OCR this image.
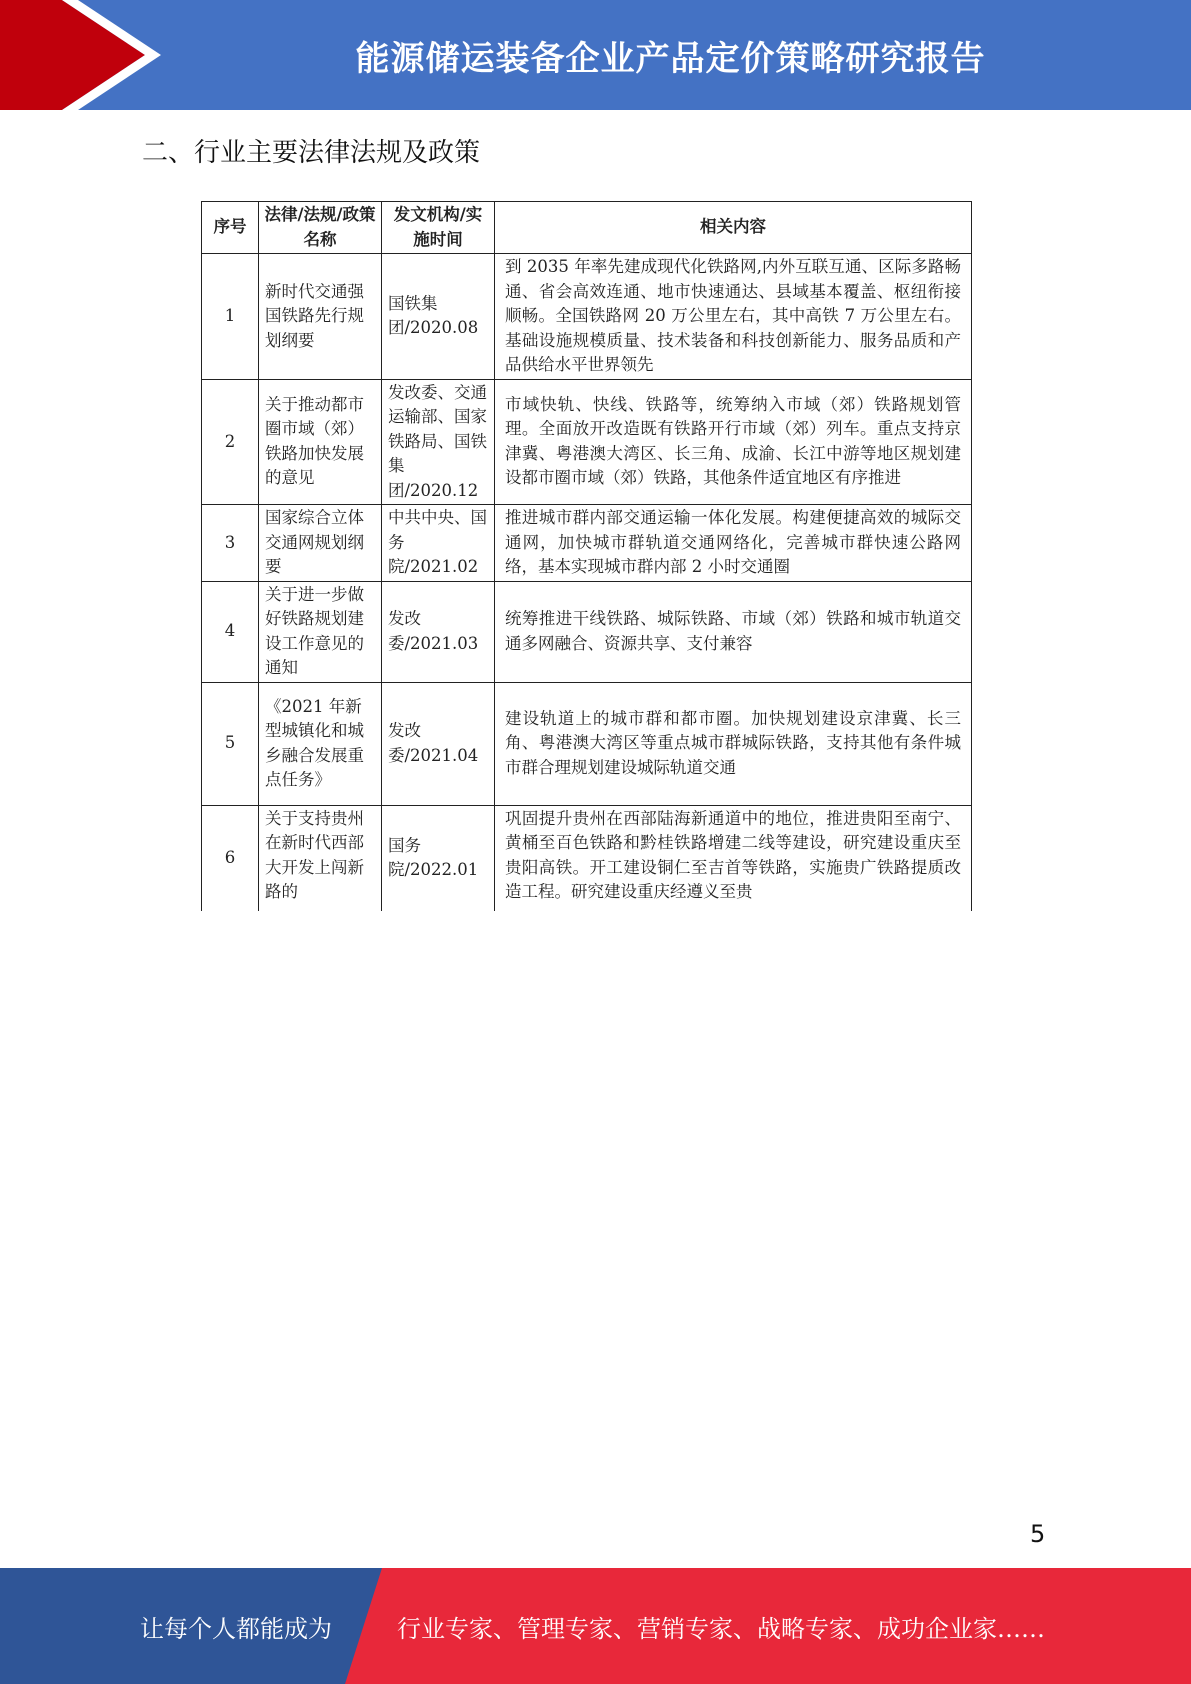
能源储运装备企业产品定价策略研究报告
二、行业主要法律法规及政策
序号	法律/法规/政策名称	发文机构/实施时间	相关内容
1	新时代交通强国铁路先行规划纲要	国铁集团/2020.08	到 2035 年率先建成现代化铁路网,内外互联互通、区际多路畅通、省会高效连通、地市快速通达、县域基本覆盖、枢纽衔接顺畅。全国铁路网 20 万公里左右，其中高铁 7 万公里左右。基础设施规模质量、技术装备和科技创新能力、服务品质和产品供给水平世界领先
2	关于推动都市圈市域（郊）铁路加快发展的意见	发改委、交通运输部、国家铁路局、国铁集团/2020.12	市域快轨、快线、铁路等，统筹纳入市域（郊）铁路规划管理。全面放开改造既有铁路开行市域（郊）列车。重点支持京津冀、粤港澳大湾区、长三角、成渝、长江中游等地区规划建设都市圈市域（郊）铁路，其他条件适宜地区有序推进
3	国家综合立体交通网规划纲要	中共中央、国务院/2021.02	推进城市群内部交通运输一体化发展。构建便捷高效的城际交通网，加快城市群轨道交通网络化，完善城市群快速公路网络，基本实现城市群内部 2 小时交通圈
4	关于进一步做好铁路规划建设工作意见的通知	发改委/2021.03	统筹推进干线铁路、城际铁路、市域（郊）铁路和城市轨道交通多网融合、资源共享、支付兼容
5	《2021 年新型城镇化和城乡融合发展重点任务》	发改委/2021.04	建设轨道上的城市群和都市圈。加快规划建设京津冀、长三角、粤港澳大湾区等重点城市群城际铁路，支持其他有条件城市群合理规划建设城际轨道交通
6	关于支持贵州在新时代西部大开发上闯新路的	国务院/2022.01	巩固提升贵州在西部陆海新通道中的地位，推进贵阳至南宁、黄桶至百色铁路和黔桂铁路增建二线等建设，研究建设重庆至贵阳高铁。开工建设铜仁至吉首等铁路，实施贵广铁路提质改造工程。研究建设重庆经遵义至贵
5
让每个人都能成为	行业专家、管理专家、营销专家、战略专家、成功企业家……
